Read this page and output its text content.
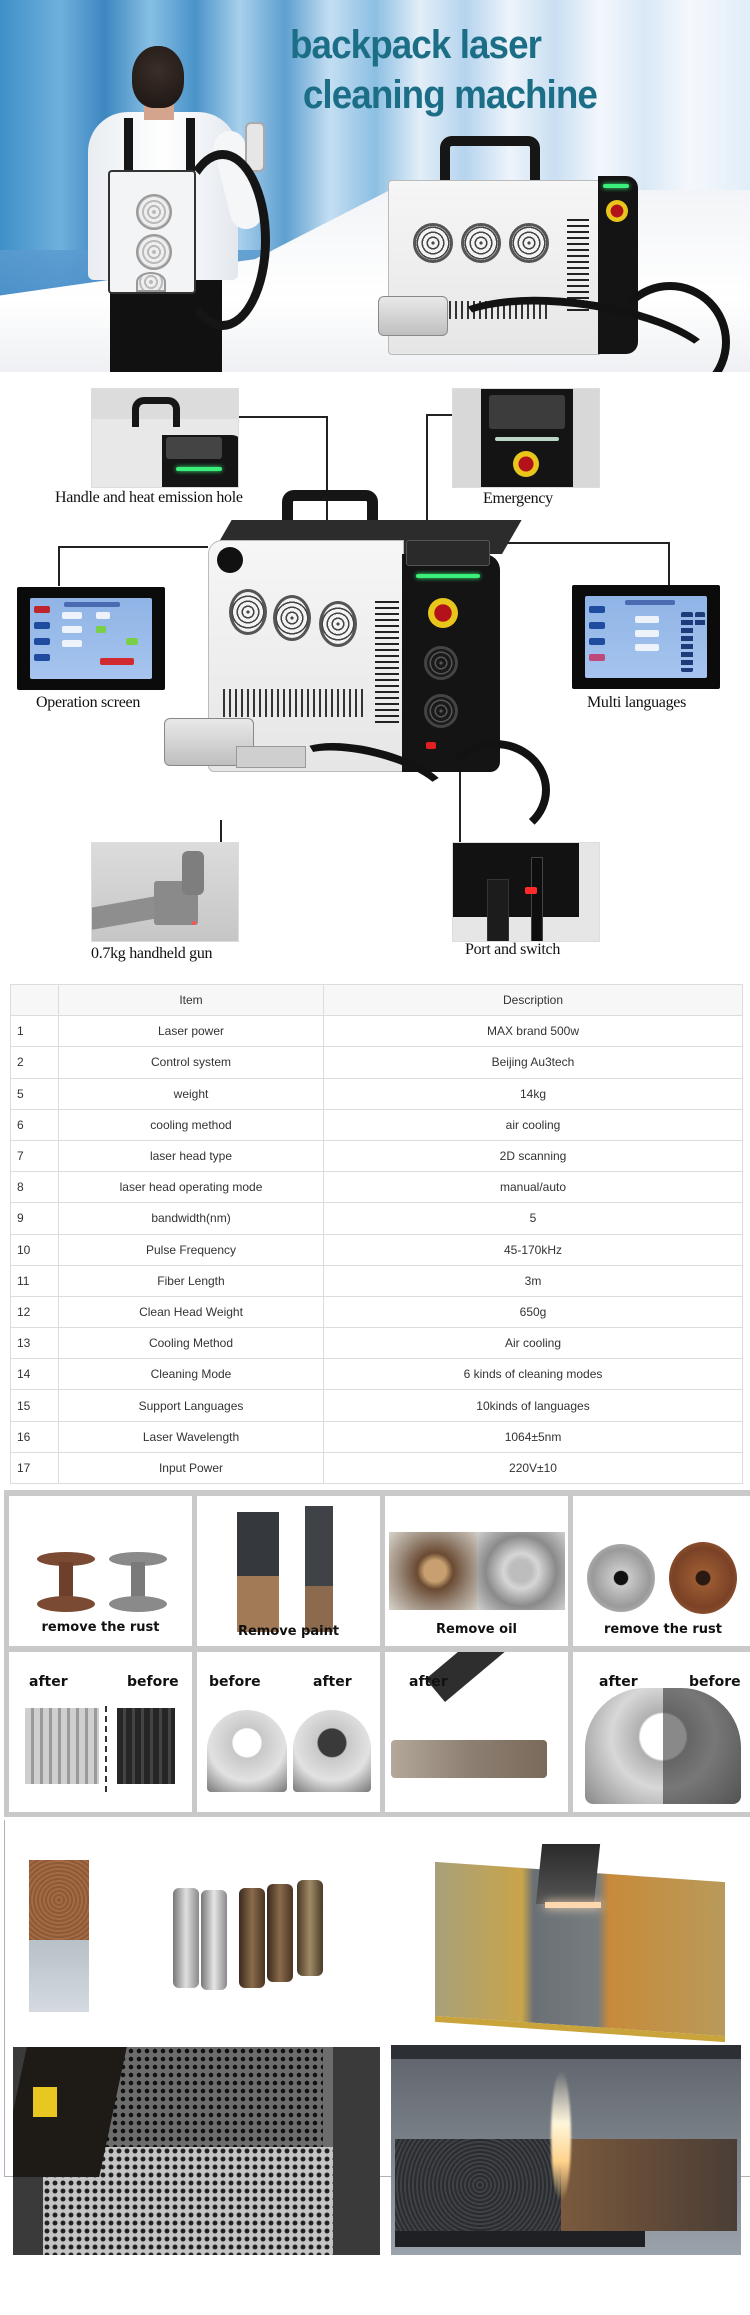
backpack laser
cleaning machine
Handle and heat emission hole	Emergency
Operation screen	Multi languages
0.7kg handheld gun	Port and switch
	Item	Description
1	Laser power	MAX brand 500w
2	Control system	Beijing Au3tech
5	weight	14kg
6	cooling method	air cooling
7	laser head type	2D scanning
8	laser head operating mode	manual/auto
9	bandwidth(nm)	5
10	Pulse Frequency	45-170kHz
11	Fiber Length	3m
12	Clean Head Weight	650g
13	Cooling Method	Air cooling
14	Cleaning Mode	6 kinds of cleaning modes
15	Support Languages	10kinds of languages
16	Laser Wavelength	1064±5nm
17	Input Power	220V±10
remove the rust	Remove paint	Remove oil	remove the rust
after	before before	after	after
before
after	before
